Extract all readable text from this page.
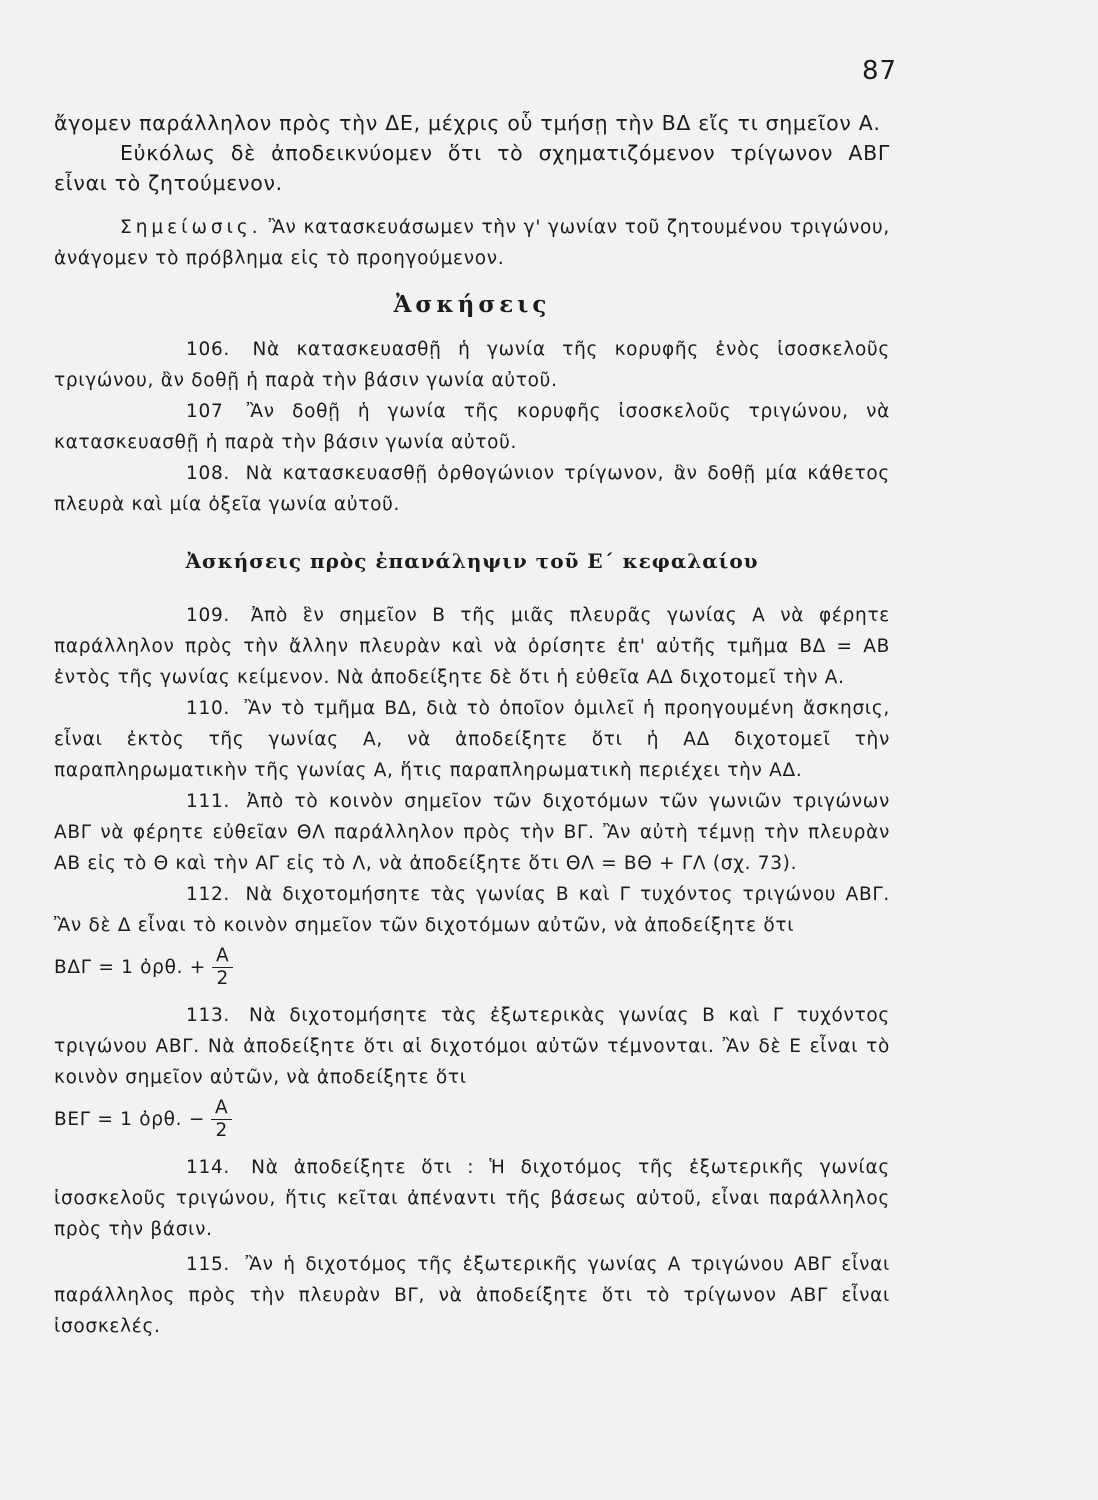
87

ἄγομεν παράλληλον πρὸς τὴν ΔΕ, μέχρις οὗ τμήσῃ τὴν ΒΔ εἴς τι σημεῖον Α.

Εὐκόλως δὲ ἀποδεικνύομεν ὅτι τὸ σχηματιζόμενον τρίγωνον ΑΒΓ εἶναι τὸ ζητούμενον.

Σημείωσις. Ἂν κατασκευάσωμεν τὴν γ' γωνίαν τοῦ ζητουμένου τριγώνου, ἀνάγομεν τὸ πρόβλημα εἰς τὸ προηγούμενον.

Ἀσκήσεις

106. Νὰ κατασκευασθῇ ἡ γωνία τῆς κορυφῆς ἑνὸς ἰσοσκελοῦς τριγώνου, ἂν δοθῇ ἡ παρὰ τὴν βάσιν γωνία αὐτοῦ.

107 Ἂν δοθῇ ἡ γωνία τῆς κορυφῆς ἰσοσκελοῦς τριγώνου, νὰ κατασκευασθῇ ἡ παρὰ τὴν βάσιν γωνία αὐτοῦ.

108. Νὰ κατασκευασθῇ ὀρθογώνιον τρίγωνον, ἂν δοθῇ μία κάθετος πλευρὰ καὶ μία ὀξεῖα γωνία αὐτοῦ.

Ἀσκήσεις πρὸς ἐπανάληψιν τοῦ Ε΄ κεφαλαίου

109. Ἀπὸ ἓν σημεῖον Β τῆς μιᾶς πλευρᾶς γωνίας Α νὰ φέρητε παράλληλον πρὸς τὴν ἄλλην πλευρὰν καὶ νὰ ὁρίσητε ἐπ' αὐτῆς τμῆμα ΒΔ = ΑΒ ἐντὸς τῆς γωνίας κείμενον. Νὰ ἀποδείξητε δὲ ὅτι ἡ εὐθεῖα ΑΔ διχοτομεῖ τὴν Α.

110. Ἂν τὸ τμῆμα ΒΔ, διὰ τὸ ὁποῖον ὁμιλεῖ ἡ προηγουμένη ἄσκησις, εἶναι ἐκτὸς τῆς γωνίας Α, νὰ ἀποδείξητε ὅτι ἡ ΑΔ διχοτομεῖ τὴν παραπληρωματικὴν τῆς γωνίας Α, ἥτις παραπληρωματικὴ περιέχει τὴν ΑΔ.

111. Ἀπὸ τὸ κοινὸν σημεῖον τῶν διχοτόμων τῶν γωνιῶν τριγώνων ΑΒΓ νὰ φέρητε εὐθεῖαν ΘΛ παράλληλον πρὸς τὴν ΒΓ. Ἂν αὐτὴ τέμνῃ τὴν πλευρὰν ΑΒ εἰς τὸ Θ καὶ τὴν ΑΓ εἰς τὸ Λ, νὰ ἀποδείξητε ὅτι ΘΛ = ΒΘ + ΓΛ (σχ. 73).

112. Νὰ διχοτομήσητε τὰς γωνίας Β καὶ Γ τυχόντος τριγώνου ΑΒΓ. Ἂν δὲ Δ εἶναι τὸ κοινὸν σημεῖον τῶν διχοτόμων αὐτῶν, νὰ ἀποδείξητε ὅτι

ΒΔΓ = 1 ὀρθ. + $\frac{A}{2}$

113. Νὰ διχοτομήσητε τὰς ἐξωτερικὰς γωνίας Β καὶ Γ τυχόντος τριγώνου ΑΒΓ. Νὰ ἀποδείξητε ὅτι αἱ διχοτόμοι αὐτῶν τέμνονται. Ἂν δὲ Ε εἶναι τὸ κοινὸν σημεῖον αὐτῶν, νὰ ἀποδείξητε ὅτι

ΒΕΓ = 1 ὀρθ. − $\frac{A}{2}$

114. Νὰ ἀποδείξητε ὅτι : Ἡ διχοτόμος τῆς ἐξωτερικῆς γωνίας ἰσοσκελοῦς τριγώνου, ἥτις κεῖται ἀπέναντι τῆς βάσεως αὐτοῦ, εἶναι παράλληλος πρὸς τὴν βάσιν.

115. Ἂν ἡ διχοτόμος τῆς ἐξωτερικῆς γωνίας Α τριγώνου ΑΒΓ εἶναι παράλληλος πρὸς τὴν πλευρὰν ΒΓ, νὰ ἀποδείξητε ὅτι τὸ τρίγωνον ΑΒΓ εἶναι ἰσοσκελές.
